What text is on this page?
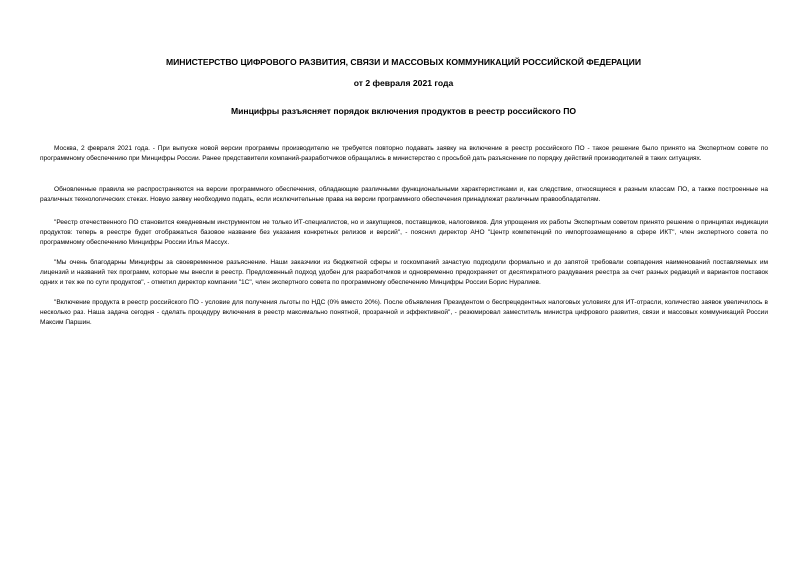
МИНИСТЕРСТВО ЦИФРОВОГО РАЗВИТИЯ, СВЯЗИ И МАССОВЫХ КОММУНИКАЦИЙ РОССИЙСКОЙ ФЕДЕРАЦИИ
от 2 февраля 2021 года
Минцифры разъясняет порядок включения продуктов в реестр российского ПО

Москва, 2 февраля 2021 года. - При выпуске новой версии программы производителю не требуется повторно подавать заявку на включение в реестр российского ПО - такое решение было принято на Экспертном совете по программному обеспечению при Минцифры России. Ранее представители компаний-разработчиков обращались в министерство с просьбой дать разъяснение по порядку действий производителей в таких ситуациях.

Обновленные правила не распространяются на версии программного обеспечения, обладающие различными функциональными характеристиками и, как следствие, относящиеся к разным классам ПО, а также построенные на различных технологических стеках. Новую заявку необходимо подать, если исключительные права на версии программного обеспечения принадлежат различным правообладателям.

"Реестр отечественного ПО становится ежедневным инструментом не только ИТ-специалистов, но и закупщиков, поставщиков, налоговиков. Для упрощения их работы Экспертным советом принято решение о принципах индикации продуктов: теперь в реестре будет отображаться базовое название без указания конкретных релизов и версий", - пояснил директор АНО "Центр компетенций по импортозамещению в сфере ИКТ", член экспертного совета по программному обеспечению Минцифры России Илья Массух.

"Мы очень благодарны Минцифры за своевременное разъяснение. Наши заказчики из бюджетной сферы и госкомпаний зачастую подходили формально и до запятой требовали совпадения наименований поставляемых им лицензий и названий тех программ, которые мы внесли в реестр. Предложенный подход удобен для разработчиков и одновременно предохраняет от десятикратного раздувания реестра за счет разных редакций и вариантов поставок одних и тех же по сути продуктов", - отметил директор компании "1С", член экспертного совета по программному обеспечению Минцифры России Борис Нуралиев.

"Включение продукта в реестр российского ПО - условие для получения льготы по НДС (0% вместо 20%). После объявления Президентом о беспрецедентных налоговых условиях для ИТ-отрасли, количество заявок увеличилось в несколько раз. Наша задача сегодня - сделать процедуру включения в реестр максимально понятной, прозрачной и эффективной", - резюмировал заместитель министра цифрового развития, связи и массовых коммуникаций России Максим Паршин.
